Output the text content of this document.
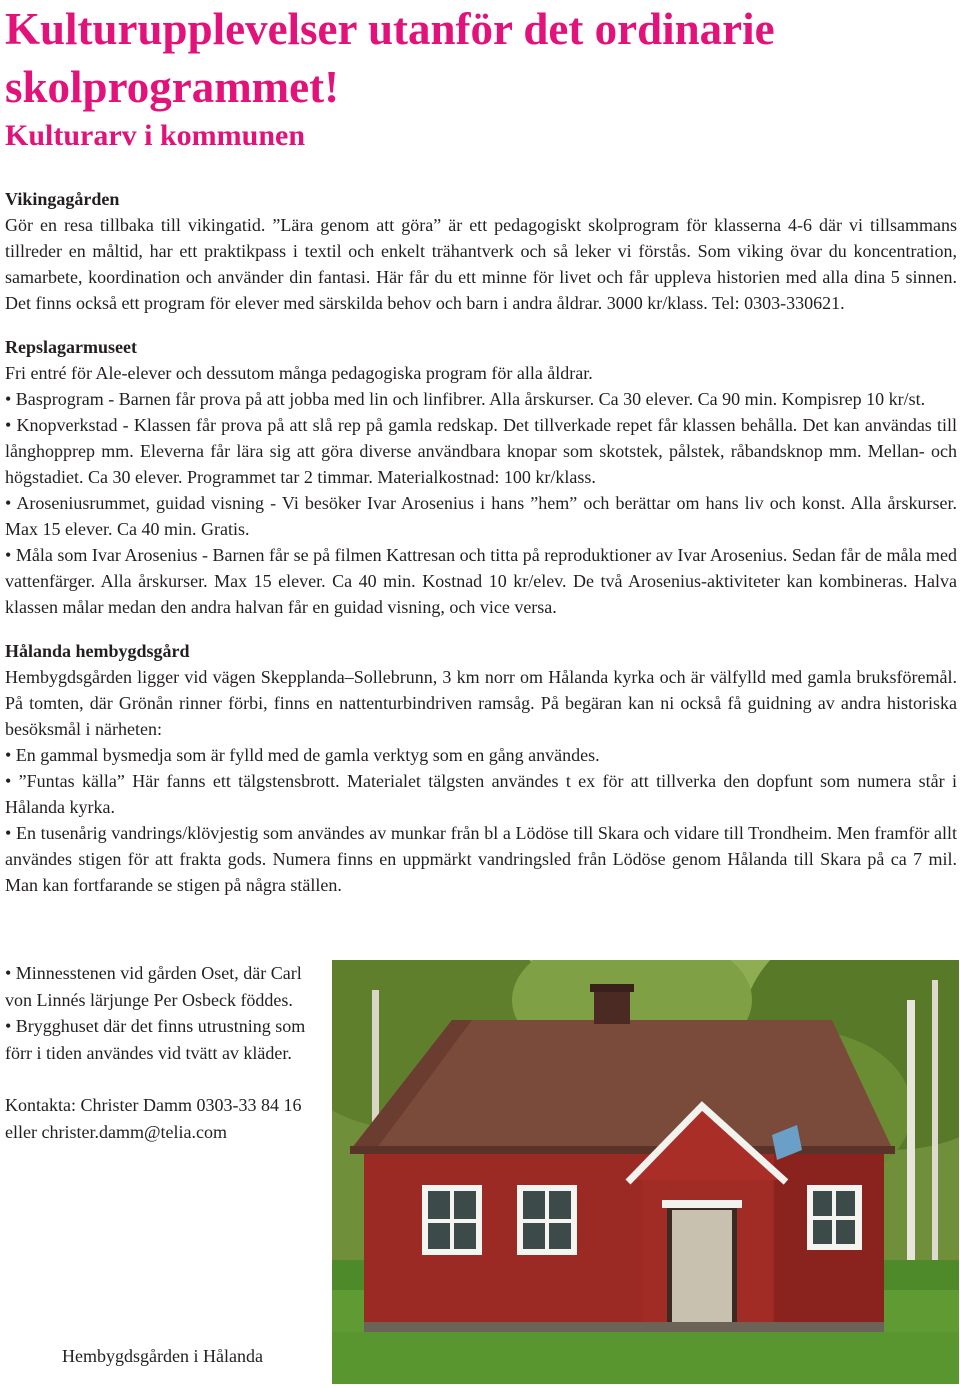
Kulturupplevelser utanför det ordinarie skolprogrammet!
Kulturarv i kommunen

Vikingagården

Gör en resa tillbaka till vikingatid. ”Lära genom att göra” är ett pedagogiskt skolprogram för klasserna 4-6 där vi tillsammans tillreder en måltid, har ett praktikpass i textil och enkelt trähantverk och så leker vi förstås. Som viking övar du koncentration, samarbete, koordination och använder din fantasi. Här får du ett minne för livet och får uppleva historien med alla dina 5 sinnen. Det finns också ett program för elever med särskilda behov och barn i andra åldrar. 3000 kr/klass. Tel: 0303-330621.

Repslagarmuseet

Fri entré för Ale-elever och dessutom många pedagogiska program för alla åldrar.

• Basprogram - Barnen får prova på att jobba med lin och linfibrer. Alla årskurser. Ca 30 elever. Ca 90 min. Kompisrep 10 kr/st.

• Knopverkstad - Klassen får prova på att slå rep på gamla redskap. Det tillverkade repet får klassen behålla. Det kan användas till långhopprep mm. Eleverna får lära sig att göra diverse användbara knopar som skotstek, pålstek, råbandsknop mm. Mellan- och högstadiet. Ca 30 elever. Programmet tar 2 timmar. Materialkostnad: 100 kr/klass.

• Aroseniusrummet, guidad visning - Vi besöker Ivar Arosenius i hans ”hem” och berättar om hans liv och konst. Alla årskurser. Max 15 elever. Ca 40 min. Gratis.

• Måla som Ivar Arosenius - Barnen får se på filmen Kattresan och titta på reproduktioner av Ivar Arosenius. Sedan får de måla med vattenfärger. Alla årskurser. Max 15 elever. Ca 40 min. Kostnad 10 kr/elev. De två Arosenius-aktiviteter kan kombineras. Halva klassen målar medan den andra halvan får en guidad visning, och vice versa.

Hålanda hembygdsgård

Hembygdsgården ligger vid vägen Skepplanda–Sollebrunn, 3 km norr om Hålanda kyrka och är välfylld med gamla bruksföremål. På tomten, där Grönån rinner förbi, finns en nattenturbindriven ramsåg. På begäran kan ni också få guidning av andra historiska besöksmål i närheten:

• En gammal bysmedja som är fylld med de gamla verktyg som en gång användes.

• ”Funtas källa” Här fanns ett tälgstensbrott. Materialet tälgsten användes t ex för att tillverka den dopfunt som numera står i Hålanda kyrka.

• En tusenårig vandrings/klövjestig som användes av munkar från bl a Lödöse till Skara och vidare till Trondheim. Men framför allt användes stigen för att frakta gods. Numera finns en uppmärkt vandringsled från Lödöse genom Hålanda till Skara på ca 7 mil. Man kan fortfarande se stigen på några ställen.

• Minnesstenen vid gården Oset, där Carl von Linnés lärjunge Per Osbeck föddes.

• Brygghuset där det finns utrustning som förr i tiden användes vid tvätt av kläder.

Kontakta: Christer Damm 0303-33 84 16 eller christer.damm@telia.com

Hembygdsgården i Hålanda
